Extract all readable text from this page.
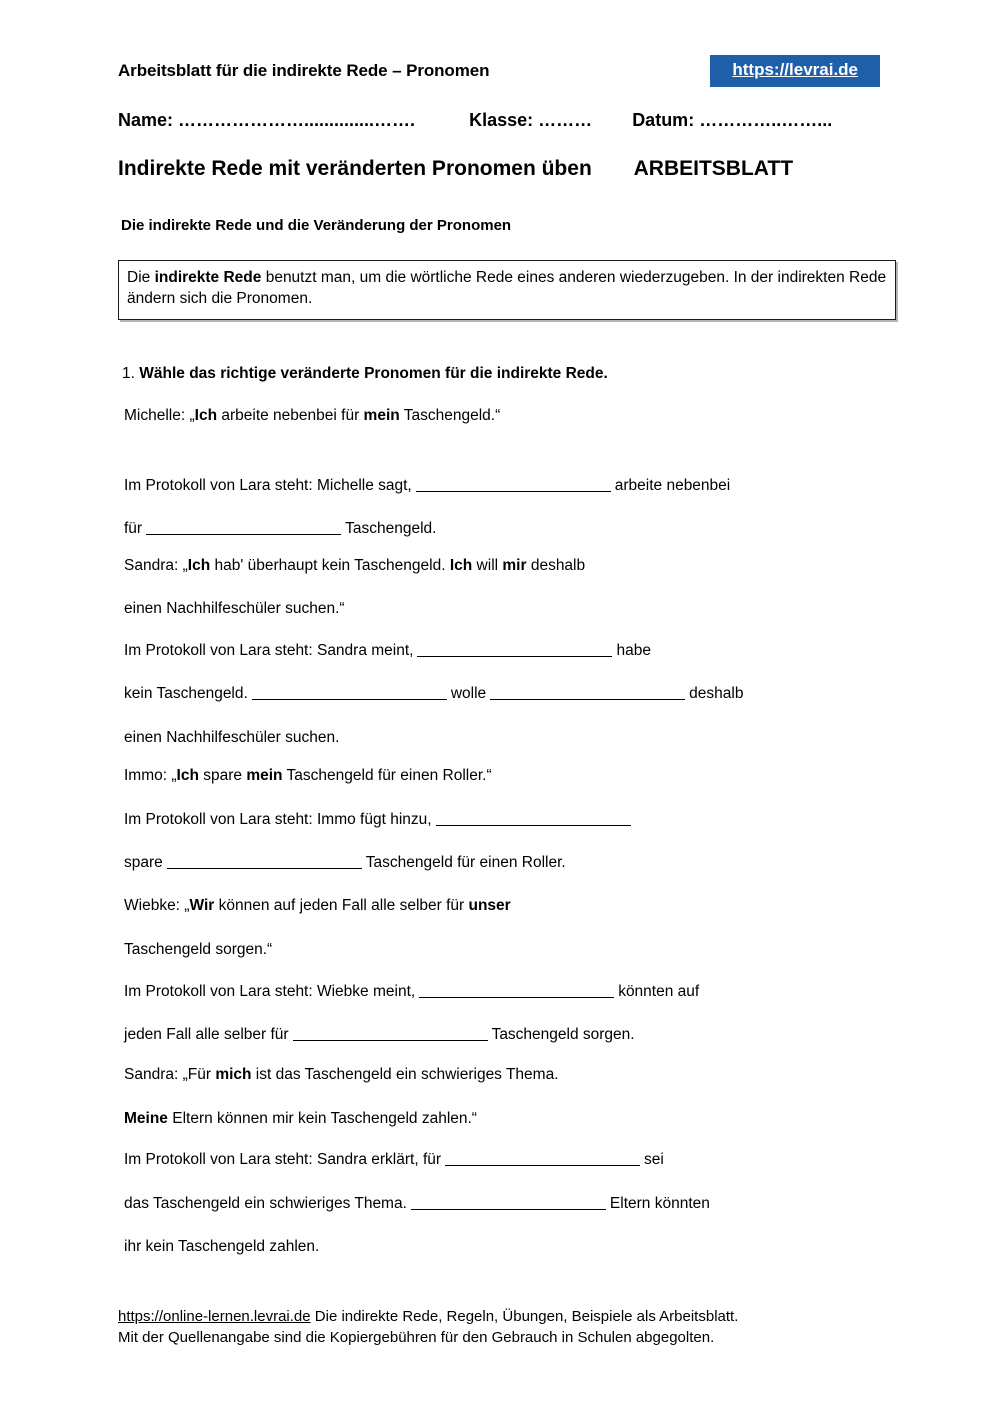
Arbeitsblatt für die indirekte Rede – Pronomen	https://levrai.de
Name: …………………..............…….	Klasse: ……… Datum: …………..……...
Indirekte Rede mit veränderten Pronomen üben ARBEITSBLATT
Die indirekte Rede und die Veränderung der Pronomen
Die indirekte Rede benutzt man, um die wörtliche Rede eines anderen wiederzugeben. In der indirekten Rede ändern sich die Pronomen.
1. Wähle das richtige veränderte Pronomen für die indirekte Rede.
Michelle: „Ich arbeite nebenbei für mein Taschengeld.“
Im Protokoll von Lara steht: Michelle sagt,	arbeite nebenbei
für	Taschengeld.
Sandra: „Ich hab' überhaupt kein Taschengeld. Ich will mir deshalb
einen Nachhilfeschüler suchen.“
Im Protokoll von Lara steht: Sandra meint,	habe
kein Taschengeld.	wolle	deshalb
einen Nachhilfeschüler suchen.
Immo: „Ich spare mein Taschengeld für einen Roller.“
Im Protokoll von Lara steht: Immo fügt hinzu,
spare	Taschengeld für einen Roller.
Wiebke: „Wir können auf jeden Fall alle selber für unser
Taschengeld sorgen.“
Im Protokoll von Lara steht: Wiebke meint,	könnten auf
jeden Fall alle selber für	Taschengeld sorgen.
Sandra: „Für mich ist das Taschengeld ein schwieriges Thema.
Meine Eltern können mir kein Taschengeld zahlen.“
Im Protokoll von Lara steht: Sandra erklärt, für	sei
das Taschengeld ein schwieriges Thema.	Eltern könnten
ihr kein Taschengeld zahlen.
https://online-lernen.levrai.de Die indirekte Rede, Regeln, Übungen, Beispiele als Arbeitsblatt.
Mit der Quellenangabe sind die Kopiergebühren für den Gebrauch in Schulen abgegolten.
